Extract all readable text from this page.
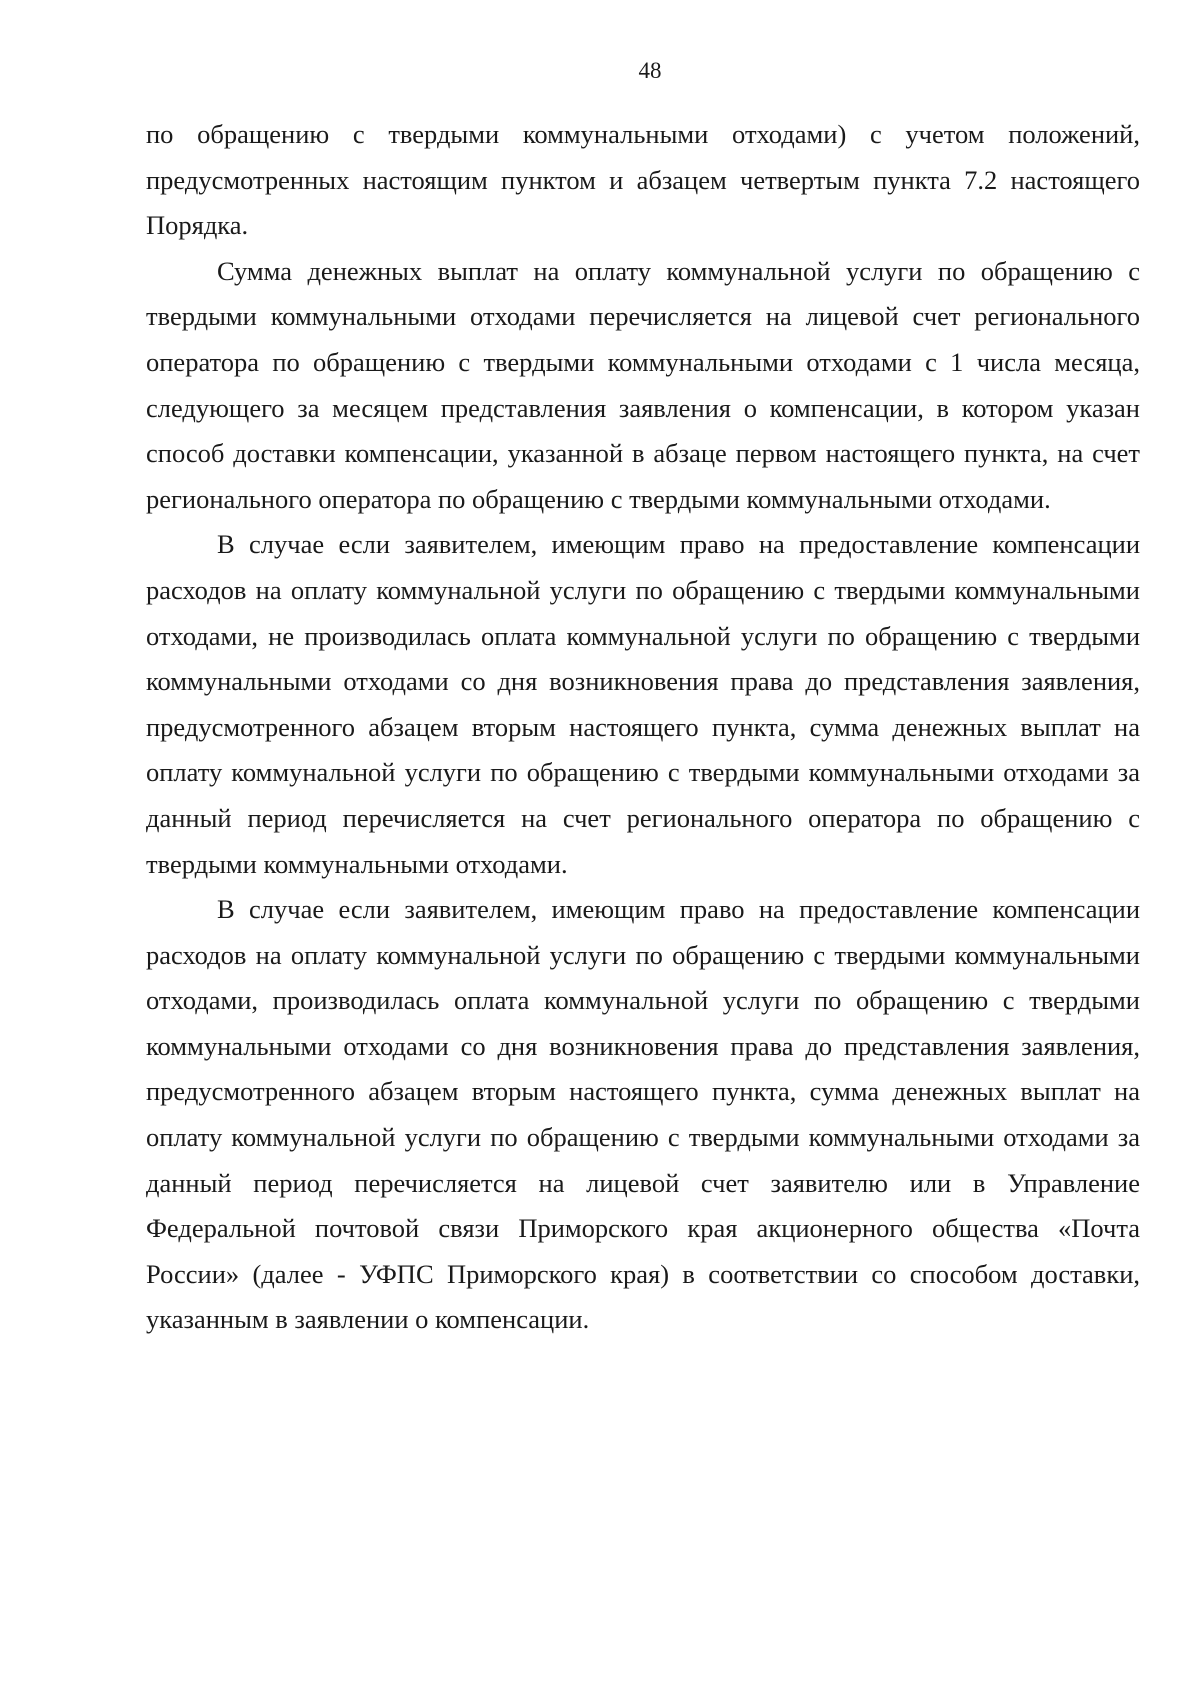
48

по обращению с твердыми коммунальными отходами) с учетом положений, предусмотренных настоящим пунктом и абзацем четвертым пункта 7.2 настоящего Порядка.

Сумма денежных выплат на оплату коммунальной услуги по обращению с твердыми коммунальными отходами перечисляется на лицевой счет регионального оператора по обращению с твердыми коммунальными отходами с 1 числа месяца, следующего за месяцем представления заявления о компенсации, в котором указан способ доставки компенсации, указанной в абзаце первом настоящего пункта, на счет регионального оператора по обращению с твердыми коммунальными отходами.

В случае если заявителем, имеющим право на предоставление компенсации расходов на оплату коммунальной услуги по обращению с твердыми коммунальными отходами, не производилась оплата коммунальной услуги по обращению с твердыми коммунальными отходами со дня возникновения права до представления заявления, предусмотренного абзацем вторым настоящего пункта, сумма денежных выплат на оплату коммунальной услуги по обращению с твердыми коммунальными отходами за данный период перечисляется на счет регионального оператора по обращению с твердыми коммунальными отходами.

В случае если заявителем, имеющим право на предоставление компенсации расходов на оплату коммунальной услуги по обращению с твердыми коммунальными отходами, производилась оплата коммунальной услуги по обращению с твердыми коммунальными отходами со дня возникновения права до представления заявления, предусмотренного абзацем вторым настоящего пункта, сумма денежных выплат на оплату коммунальной услуги по обращению с твердыми коммунальными отходами за данный период перечисляется на лицевой счет заявителю или в Управление Федеральной почтовой связи Приморского края акционерного общества «Почта России» (далее - УФПС Приморского края) в соответствии со способом доставки, указанным в заявлении о компенсации.
